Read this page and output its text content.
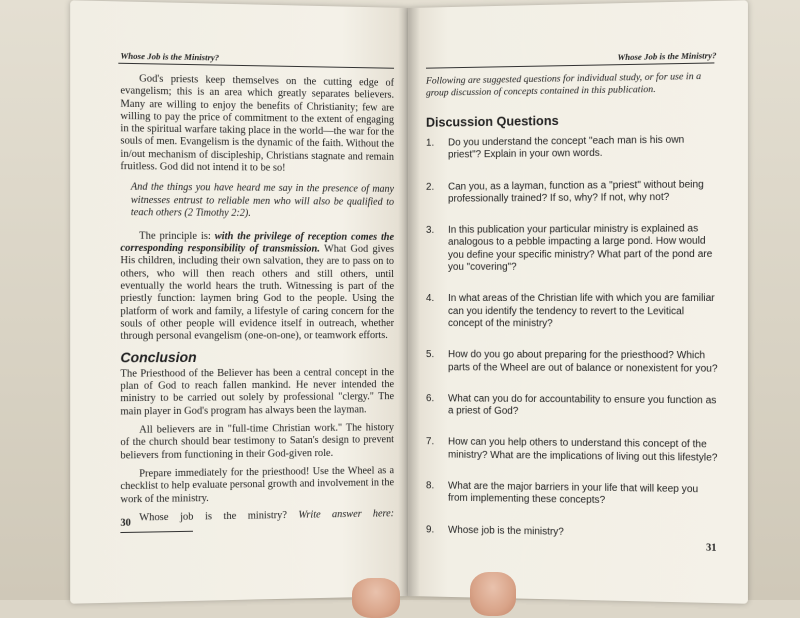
Whose Job is the Ministry?

God's priests keep themselves on the cutting edge of evangelism; this is an area which greatly separates believers. Many are willing to enjoy the benefits of Christianity; few are willing to pay the price of commitment to the extent of engaging in the spiritual warfare taking place in the world—the war for the souls of men. Evangelism is the dynamic of the faith. Without the in/out mechanism of discipleship, Christians stagnate and remain fruitless. God did not intend it to be so!

And the things you have heard me say in the presence of many witnesses entrust to reliable men who will also be qualified to teach others (2 Timothy 2:2).

The principle is: with the privilege of reception comes the corresponding responsibility of transmission. What God gives His children, including their own salvation, they are to pass on to others, who will then reach others and still others, until eventually the world hears the truth. Witnessing is part of the priestly function: laymen bring God to the people. Using the platform of work and family, a lifestyle of caring concern for the souls of other people will evidence itself in outreach, whether through personal evangelism (one-on-one), or teamwork efforts.

Conclusion

The Priesthood of the Believer has been a central concept in the plan of God to reach fallen mankind. He never intended the ministry to be carried out solely by professional "clergy." The main player in God's program has always been the layman.

All believers are in "full-time Christian work." The history of the church should bear testimony to Satan's design to prevent believers from functioning in their God-given role.

Prepare immediately for the priesthood! Use the Wheel as a checklist to help evaluate personal growth and involvement in the work of the ministry.

Whose job is the ministry? Write answer here:

30
Whose Job is the Ministry?
Following are suggested questions for individual study, or for use in a group discussion of concepts contained in this publication.
Discussion Questions
1.	Do you understand the concept "each man is his own priest"? Explain in your own words.
2.	Can you, as a layman, function as a "priest" without being professionally trained? If so, why? If not, why not?
3.	In this publication your particular ministry is explained as analogous to a pebble impacting a large pond. How would you define your specific ministry? What part of the pond are you "covering"?
4.	In what areas of the Christian life with which you are familiar can you identify the tendency to revert to the Levitical concept of the ministry?
5.	How do you go about preparing for the priesthood? Which parts of the Wheel are out of balance or nonexistent for you?
6.	What can you do for accountability to ensure you function as a priest of God?
7.	How can you help others to understand this concept of the ministry? What are the implications of living out this lifestyle?
8.	What are the major barriers in your life that will keep you from implementing these concepts?
9.	Whose job is the ministry?
31
